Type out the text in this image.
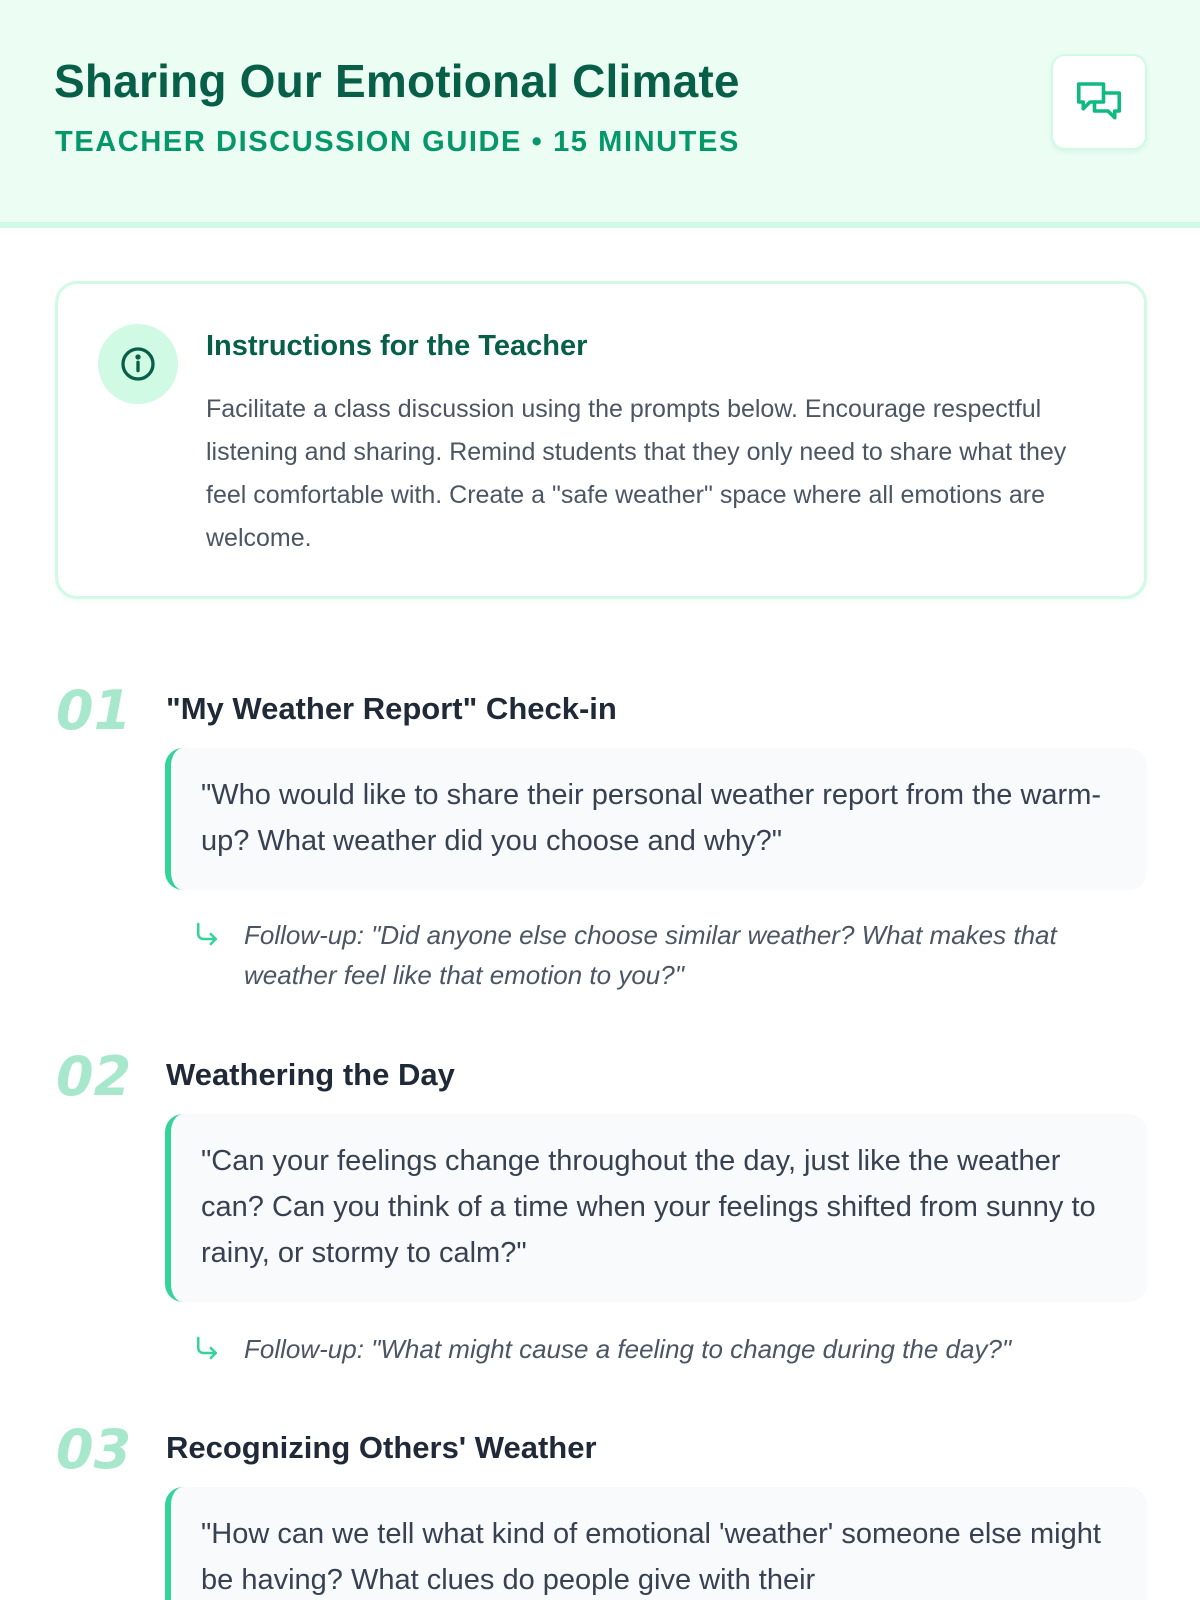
Sharing Our Emotional Climate
TEACHER DISCUSSION GUIDE • 15 MINUTES
Instructions for the Teacher
Facilitate a class discussion using the prompts below. Encourage respectful listening and sharing. Remind students that they only need to share what they feel comfortable with. Create a "safe weather" space where all emotions are welcome.
01 "My Weather Report" Check-in
"Who would like to share their personal weather report from the warm-up? What weather did you choose and why?"
Follow-up: "Did anyone else choose similar weather? What makes that weather feel like that emotion to you?"
02 Weathering the Day
"Can your feelings change throughout the day, just like the weather can? Can you think of a time when your feelings shifted from sunny to rainy, or stormy to calm?"
Follow-up: "What might cause a feeling to change during the day?"
03 Recognizing Others' Weather
"How can we tell what kind of emotional 'weather' someone else might be having? What clues do people give with their
